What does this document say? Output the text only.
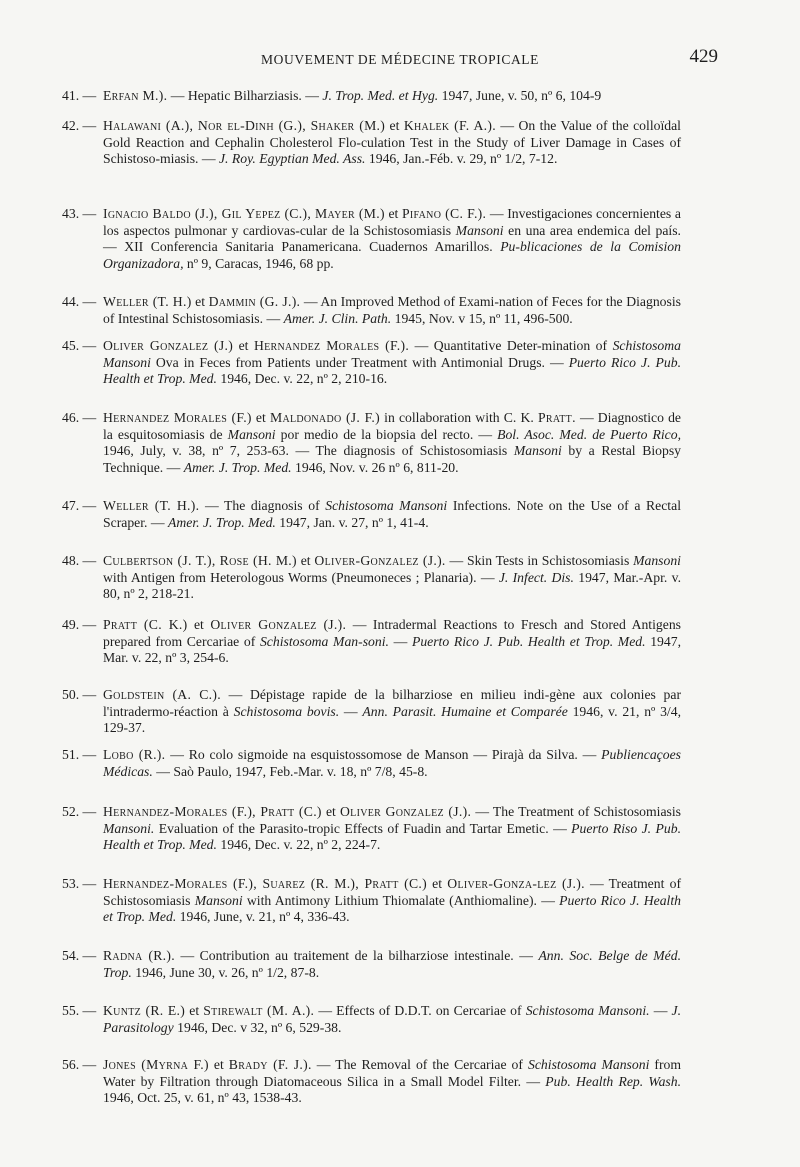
MOUVEMENT DE MÉDECINE TROPICALE	429
41. — Erfan M.). — Hepatic Bilharziasis. — J. Trop. Med. et Hyg. 1947, June, v. 50, nº 6, 104-9
42. — Halawani (A.), Nor el-Dinh (G.), Shaker (M.) et Khalek (F. A.). — On the Value of the colloïdal Gold Reaction and Cephalin Cholesterol Flo-culation Test in the Study of Liver Damage in Cases of Schistoso-miasis. — J. Roy. Egyptian Med. Ass. 1946, Jan.-Féb. v. 29, nº 1/2, 7-12.
43. — Ignacio Baldo (J.), Gil Yepez (C.), Mayer (M.) et Pifano (C. F.). — Investigaciones concernientes a los aspectos pulmonar y cardiovas-cular de la Schistosomiasis Mansoni en una area endemica del país. — XII Conferencia Sanitaria Panamericana. Cuadernos Amarillos. Pu-blicaciones de la Comision Organizadora, nº 9, Caracas, 1946, 68 pp.
44. — Weller (T. H.) et Dammin (G. J.). — An Improved Method of Exami-nation of Feces for the Diagnosis of Intestinal Schistosomiasis. — Amer. J. Clin. Path. 1945, Nov. v 15, nº 11, 496-500.
45. — Oliver Gonzalez (J.) et Hernandez Morales (F.). — Quantitative Deter-mination of Schistosoma Mansoni Ova in Feces from Patients under Treatment with Antimonial Drugs. — Puerto Rico J. Pub. Health et Trop. Med. 1946, Dec. v. 22, nº 2, 210-16.
46. — Hernandez Morales (F.) et Maldonado (J. F.) in collaboration with C. K. Pratt. — Diagnostico de la esquitosomiasis de Mansoni por medio de la biopsia del recto. — Bol. Asoc. Med. de Puerto Rico, 1946, July, v. 38, nº 7, 253-63. — The diagnosis of Schistosomiasis Mansoni by a Restal Biopsy Technique. — Amer. J. Trop. Med. 1946, Nov. v. 26 nº 6, 811-20.
47. — Weller (T. H.). — The diagnosis of Schistosoma Mansoni Infections. Note on the Use of a Rectal Scraper. — Amer. J. Trop. Med. 1947, Jan. v. 27, nº 1, 41-4.
48. — Culbertson (J. T.), Rose (H. M.) et Oliver-Gonzalez (J.). — Skin Tests in Schistosomiasis Mansoni with Antigen from Heterologous Worms (Pneumoneces ; Planaria). — J. Infect. Dis. 1947, Mar.-Apr. v. 80, nº 2, 218-21.
49. — Pratt (C. K.) et Oliver Gonzalez (J.). — Intradermal Reactions to Fresch and Stored Antigens prepared from Cercariae of Schistosoma Man-soni. — Puerto Rico J. Pub. Health et Trop. Med. 1947, Mar. v. 22, nº 3, 254-6.
50. — Goldstein (A. C.). — Dépistage rapide de la bilharziose en milieu indi-gène aux colonies par l'intradermo-réaction à Schistosoma bovis. — Ann. Parasit. Humaine et Comparée 1946, v. 21, nº 3/4, 129-37.
51. — Lobo (R.). — Ro colo sigmoide na esquistossomose de Manson — Pirajà da Silva. — Publiencaçoes Médicas. — Saò Paulo, 1947, Feb.-Mar. v. 18, nº 7/8, 45-8.
52. — Hernandez-Morales (F.), Pratt (C.) et Oliver Gonzalez (J.). — The Treatment of Schistosomiasis Mansoni. Evaluation of the Parasito-tropic Effects of Fuadin and Tartar Emetic. — Puerto Riso J. Pub. Health et Trop. Med. 1946, Dec. v. 22, nº 2, 224-7.
53. — Hernandez-Morales (F.), Suarez (R. M.), Pratt (C.) et Oliver-Gonza-lez (J.). — Treatment of Schistosomiasis Mansoni with Antimony Lithium Thiomalate (Anthiomaline). — Puerto Rico J. Health et Trop. Med. 1946, June, v. 21, nº 4, 336-43.
54. — Radna (R.). — Contribution au traitement de la bilharziose intestinale. — Ann. Soc. Belge de Méd. Trop. 1946, June 30, v. 26, nº 1/2, 87-8.
55. — Kuntz (R. E.) et Stirewalt (M. A.). — Effects of D.D.T. on Cercariae of Schistosoma Mansoni. — J. Parasitology 1946, Dec. v 32, nº 6, 529-38.
56. — Jones (Myrna F.) et Brady (F. J.). — The Removal of the Cercariae of Schistosoma Mansoni from Water by Filtration through Diatomaceous Silica in a Small Model Filter. — Pub. Health Rep. Wash. 1946, Oct. 25, v. 61, nº 43, 1538-43.
